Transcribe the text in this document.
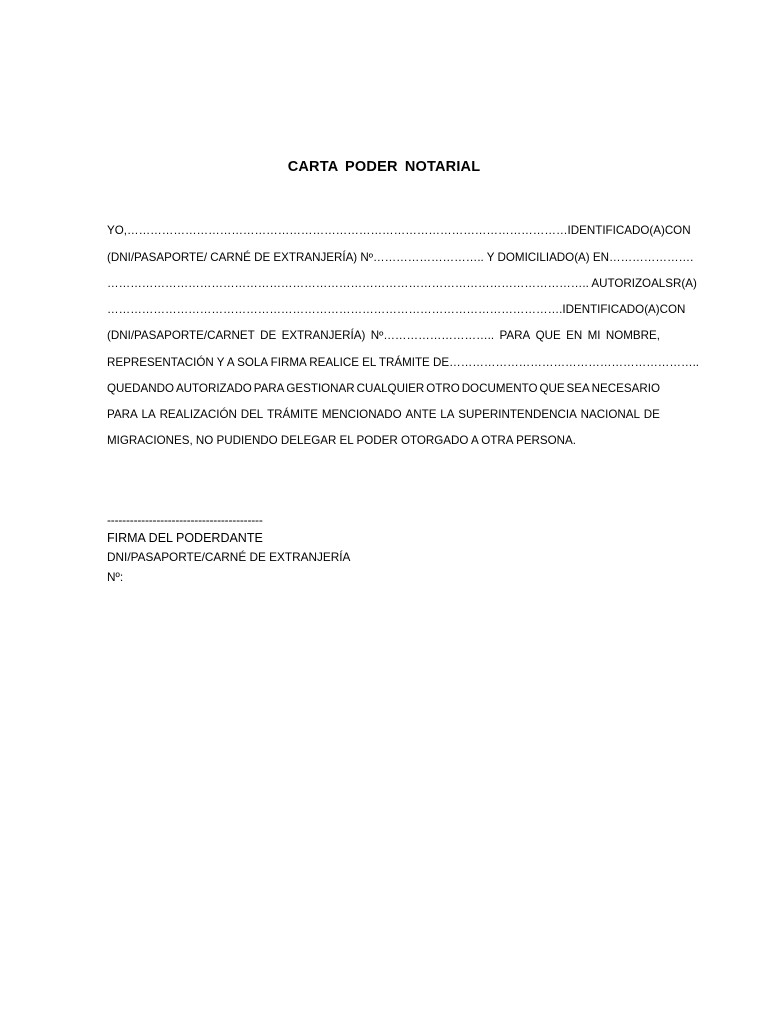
CARTA PODER NOTARIAL
YO, …………………………………………………………………………………………………… IDENTIFICADO(A) CON
(DNI/PASAPORTE/ CARNÉ DE EXTRANJERÍA) Nº……………………….. Y DOMICILIADO(A) EN………………….
…………………………………………………………………………………………………………….. AUTORIZO AL SR(A)
………………………………………………………………………………………………………. IDENTIFICADO(A) CON
(DNI/PASAPORTE/CARNET DE EXTRANJERÍA) Nº……………………….. PARA QUE EN MI NOMBRE,
REPRESENTACIÓN Y A SOLA FIRMA REALICE EL TRÁMITE DE………………………………………………………..
QUEDANDO AUTORIZADO PARA GESTIONAR CUALQUIER OTRO DOCUMENTO QUE SEA NECESARIO
PARA LA REALIZACIÓN DEL TRÁMITE MENCIONADO ANTE LA SUPERINTENDENCIA NACIONAL DE
MIGRACIONES, NO PUDIENDO DELEGAR EL PODER OTORGADO A OTRA PERSONA.
-----------------------------------------
FIRMA DEL PODERDANTE
DNI/PASAPORTE/CARNÉ DE EXTRANJERÍA
Nº:
